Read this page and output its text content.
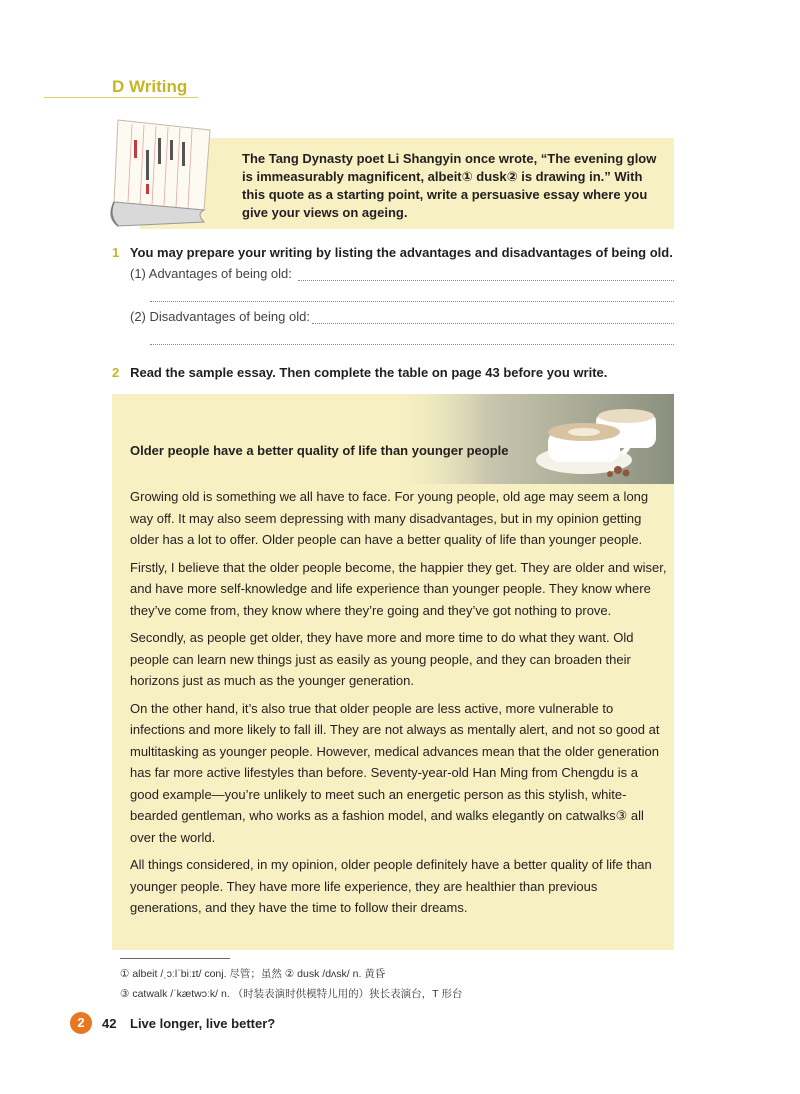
D Writing
The Tang Dynasty poet Li Shangyin once wrote, “The evening glow is immeasurably magnificent, albeit① dusk② is drawing in.” With this quote as a starting point, write a persuasive essay where you give your views on ageing.
1 You may prepare your writing by listing the advantages and disadvantages of being old.
(1) Advantages of being old:
(2) Disadvantages of being old:
2 Read the sample essay. Then complete the table on page 43 before you write.
Older people have a better quality of life than younger people

Growing old is something we all have to face. For young people, old age may seem a long way off. It may also seem depressing with many disadvantages, but in my opinion getting older has a lot to offer. Older people can have a better quality of life than younger people.

Firstly, I believe that the older people become, the happier they get. They are older and wiser, and have more self-knowledge and life experience than younger people. They know where they’ve come from, they know where they’re going and they’ve got nothing to prove.

Secondly, as people get older, they have more and more time to do what they want. Old people can learn new things just as easily as young people, and they can broaden their horizons just as much as the younger generation.

On the other hand, it’s also true that older people are less active, more vulnerable to infections and more likely to fall ill. They are not always as mentally alert, and not so good at multitasking as younger people. However, medical advances mean that the older generation has far more active lifestyles than before. Seventy-year-old Han Ming from Chengdu is a good example—you’re unlikely to meet such an energetic person as this stylish, white-bearded gentleman, who works as a fashion model, and walks elegantly on catwalks③ all over the world.

All things considered, in my opinion, older people definitely have a better quality of life than younger people. They have more life experience, they are healthier than previous generations, and they have the time to follow their dreams.

① albeit /ˌɔːlˈbiːɪt/ conj. 尽管；虽然 ② dusk /dʌsk/ n. 黄昏
③ catwalk /ˈkætwɔːk/ n. （时装表演时供模特儿用的）狭长表演台，T 形台
2	42 Live longer, live better?
